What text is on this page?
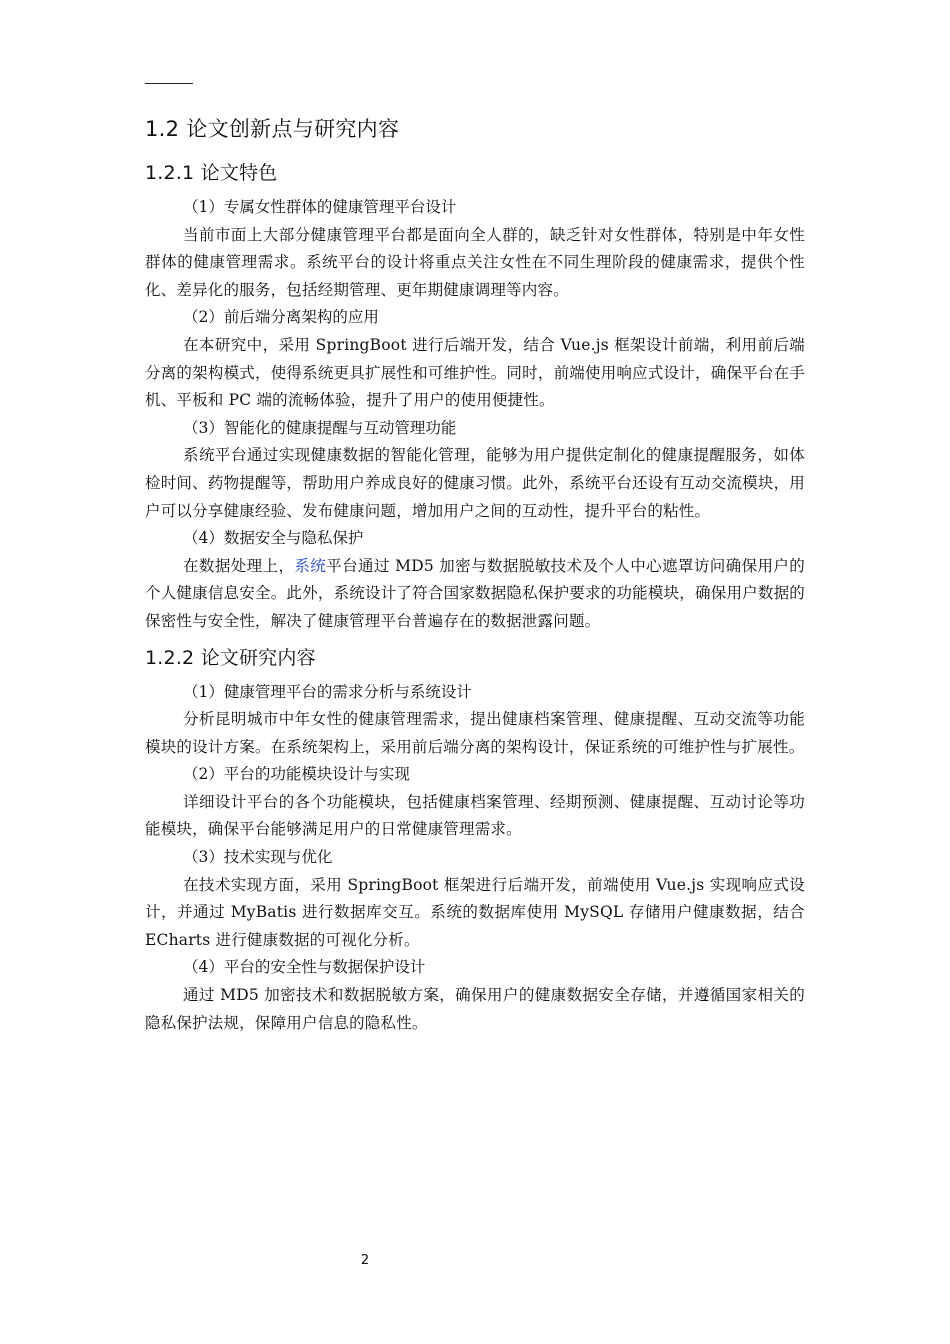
1.2 论文创新点与研究内容
1.2.1 论文特色

（1）专属女性群体的健康管理平台设计

当前市面上大部分健康管理平台都是面向全人群的，缺乏针对女性群体，特别是中年女性群体的健康管理需求。系统平台的设计将重点关注女性在不同生理阶段的健康需求，提供个性化、差异化的服务，包括经期管理、更年期健康调理等内容。

（2）前后端分离架构的应用

在本研究中，采用 SpringBoot 进行后端开发，结合 Vue.js 框架设计前端，利用前后端分离的架构模式，使得系统更具扩展性和可维护性。同时，前端使用响应式设计，确保平台在手机、平板和 PC 端的流畅体验，提升了用户的使用便捷性。

（3）智能化的健康提醒与互动管理功能

系统平台通过实现健康数据的智能化管理，能够为用户提供定制化的健康提醒服务，如体检时间、药物提醒等，帮助用户养成良好的健康习惯。此外，系统平台还设有互动交流模块，用户可以分享健康经验、发布健康问题，增加用户之间的互动性，提升平台的粘性。

（4）数据安全与隐私保护

在数据处理上，系统平台通过 MD5 加密与数据脱敏技术及个人中心遮罩访问确保用户的个人健康信息安全。此外，系统设计了符合国家数据隐私保护要求的功能模块，确保用户数据的保密性与安全性，解决了健康管理平台普遍存在的数据泄露问题。

1.2.2 论文研究内容

（1）健康管理平台的需求分析与系统设计

分析昆明城市中年女性的健康管理需求，提出健康档案管理、健康提醒、互动交流等功能模块的设计方案。在系统架构上，采用前后端分离的架构设计，保证系统的可维护性与扩展性。

（2）平台的功能模块设计与实现

详细设计平台的各个功能模块，包括健康档案管理、经期预测、健康提醒、互动讨论等功能模块，确保平台能够满足用户的日常健康管理需求。

（3）技术实现与优化

在技术实现方面，采用 SpringBoot 框架进行后端开发，前端使用 Vue.js 实现响应式设计，并通过 MyBatis 进行数据库交互。系统的数据库使用 MySQL 存储用户健康数据，结合 ECharts 进行健康数据的可视化分析。

（4）平台的安全性与数据保护设计

通过 MD5 加密技术和数据脱敏方案，确保用户的健康数据安全存储，并遵循国家相关的隐私保护法规，保障用户信息的隐私性。

2
